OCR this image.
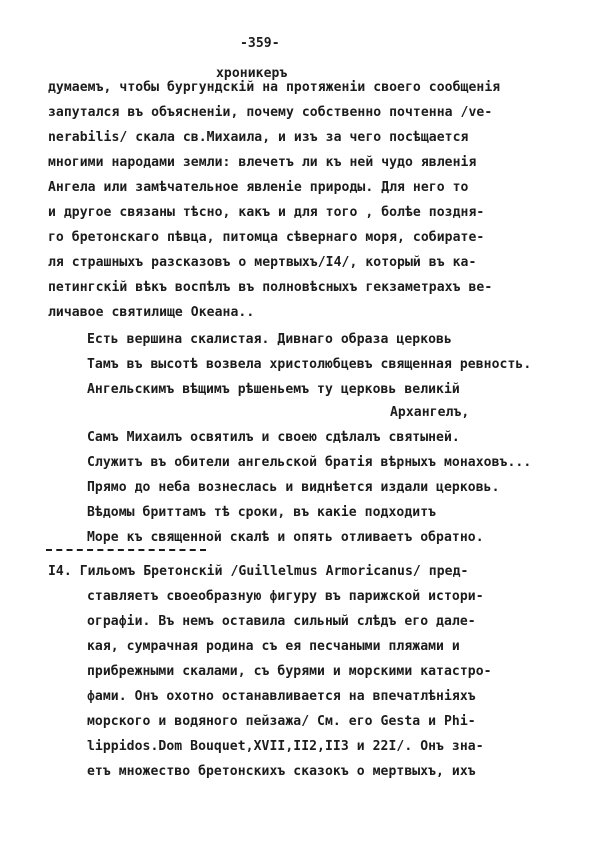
-359-
хроникеръ
думаемъ, чтобы бургундскій на протяженіи своего сообщенія
запутался въ объясненіи, почему собственно почтенна /ve-
nerabilis/ скала св.Михаила, и изъ за чего посѣщается
многими народами земли: влечетъ ли къ ней чудо явленія
Ангела или замѣчательное явленіе природы. Для него то
и другое связаны тѣсно, какъ и для того , болѣе поздня-
го бретонскаго пѣвца, питомца сѣвернаго моря, собирате-
ля страшныхъ разсказовъ о мертвыхъ/I4/, который въ ка-
петингскій вѣкъ воспѣлъ въ полновѣсныхъ гекзаметрахъ ве-
личавое святилище Океана..
Есть вершина скалистая. Дивнаго образа церковь
Тамъ въ высотѣ возвела христолюбцевъ священная ревность.
Ангельскимъ вѣщимъ рѣшеньемъ ту церковь великій
Архангелъ,
Самъ Михаилъ освятилъ и своею сдѣлалъ святыней.
Служитъ въ обители ангельской братія вѣрныхъ монаховъ...
Прямо до неба вознеслась и виднѣется издали церковь.
Вѣдомы бриттамъ тѣ сроки, въ какіе подходитъ
Море къ священной скалѣ и опять отливаетъ обратно.
I4. Гильомъ Бретонскій /Guillelmus Armoricanus/ пред-
ставляетъ своеобразную фигуру въ парижской истори-
ографіи. Въ немъ оставила сильный слѣдъ его дале-
кая, сумрачная родина съ ея песчаными пляжами и
прибрежными скалами, съ бурями и морскими катастро-
фами. Онъ охотно останавливается на впечатлѣніяхъ
морского и водяного пейзажа/ См. его Gesta и Phi-
lippidos.Dom Bouquet,XVII,II2,II3 и 22I/. Онъ зна-
етъ множество бретонскихъ сказокъ о мертвыхъ, ихъ
